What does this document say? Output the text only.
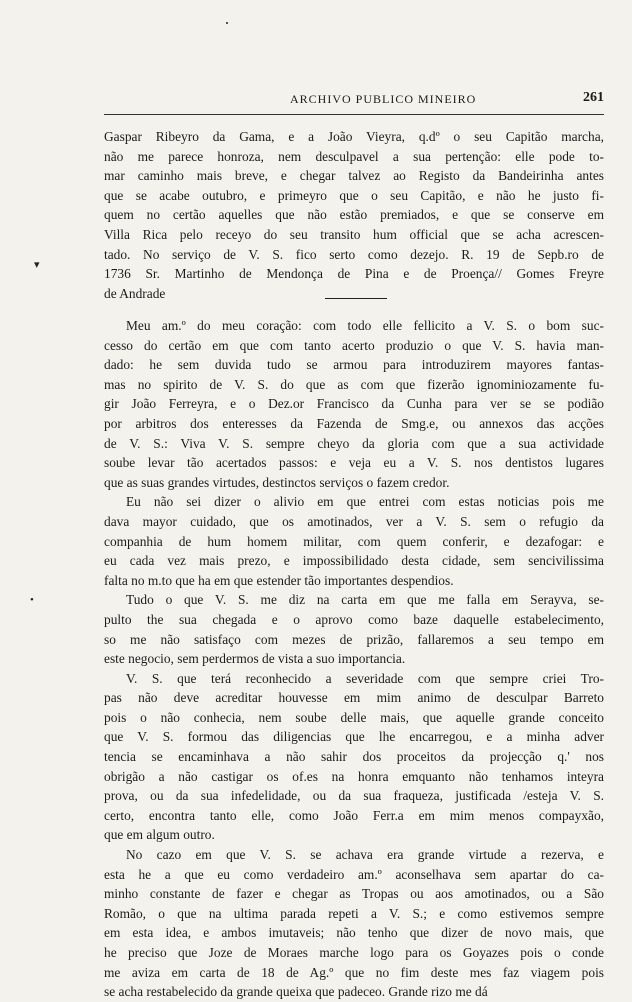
ARCHIVO PUBLICO MINEIRO	261
Gaspar Ribeyro da Gama, e a João Vieyra, q.dº o seu Capitão marcha,
não me parece honroza, nem desculpavel a sua pertenção: elle pode to-
mar caminho mais breve, e chegar talvez ao Registo da Bandeirinha antes
que se acabe outubro, e primeyro que o seu Capitão, e não he justo fi-
quem no certão aquelles que não estão premiados, e que se conserve em
Villa Rica pelo receyo do seu transito hum official que se acha acrescen-
tado. No serviço de V. S. fico serto como dezejo. R. 19 de Sepb.ro de
1736 Sr. Martinho de Mendonça de Pina e de Proença// Gomes Freyre
de Andrade
Meu am.º do meu coração: com todo elle fellicito a V. S. o bom suc-
cesso do certão em que com tanto acerto produzio o que V. S. havia man-
dado: he sem duvida tudo se armou para introduzirem mayores fantas-
mas no spirito de V. S. do que as com que fizerão ignominiozamente fu-
gir João Ferreyra, e o Dez.or Francisco da Cunha para ver se se podião
por arbitros dos enteresses da Fazenda de Smg.e, ou annexos das acções
de V. S.: Viva V. S. sempre cheyo da gloria com que a sua actividade
soube levar tão acertados passos: e veja eu a V. S. nos dentistos lugares
que as suas grandes virtudes, destinctos serviços o fazem credor.
Eu não sei dizer o alivio em que entrei com estas noticias pois me
dava mayor cuidado, que os amotinados, ver a V. S. sem o refugio da
companhia de hum homem militar, com quem conferir, e dezafogar: e
eu cada vez mais prezo, e impossibilidado desta cidade, sem sencivilissima
falta no m.to que ha em que estender tão importantes despendios.
Tudo o que V. S. me diz na carta em que me falla em Serayva, se-
pulto the sua chegada e o aprovo como baze daquelle estabelecimento,
so me não satisfaço com mezes de prizão, fallaremos a seu tempo em
este negocio, sem perdermos de vista a suo importancia.
V. S. que terá reconhecido a severidade com que sempre criei Tro-
pas não deve acreditar houvesse em mim animo de desculpar Barreto
pois o não conhecia, nem soube delle mais, que aquelle grande conceito
que V. S. formou das diligencias que lhe encarregou, e a minha adver
tencia se encaminhava a não sahir dos proceitos da projecção q.' nos
obrigão a não castigar os of.es na honra emquanto não tenhamos inteyra
prova, ou da sua infedelidade, ou da sua fraqueza, justificada /esteja V. S.
certo, encontra tanto elle, como João Ferr.a em mim menos compayxão,
que em algum outro.
No cazo em que V. S. se achava era grande virtude a rezerva, e
esta he a que eu como verdadeiro am.º aconselhava sem apartar do ca-
minho constante de fazer e chegar as Tropas ou aos amotinados, ou a São
Romão, o que na ultima parada repeti a V. S.; e como estivemos sempre
em esta idea, e ambos imutaveis; não tenho que dizer de novo mais, que
he preciso que Joze de Moraes marche logo para os Goyazes pois o conde
me aviza em carta de 18 de Ag.º que no fim deste mes faz viagem pois
se acha restabelecido da grande queixa que padeceo. Grande rizo me dá
▾
•
